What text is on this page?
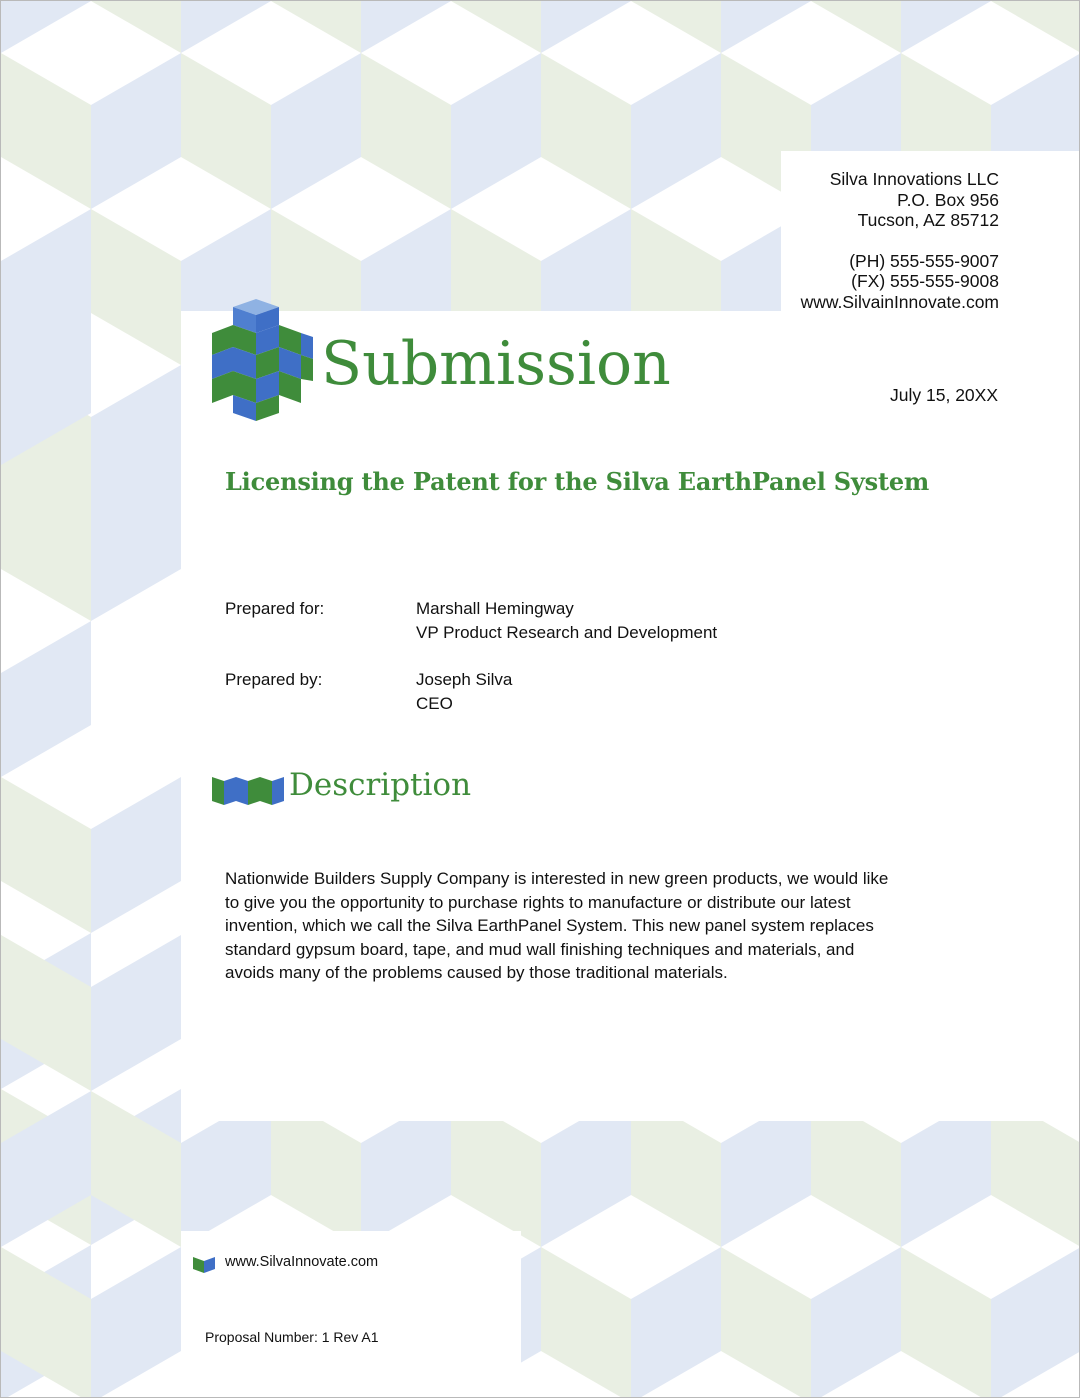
Silva Innovations LLC
P.O. Box 956
Tucson, AZ 85712
(PH) 555-555-9007
(FX) 555-555-9008
www.SilvainInnovate.com
Submission	July 15, 20XX
Licensing the Patent for the Silva EarthPanel System
Prepared for:	Marshall Hemingway
VP Product Research and Development
Prepared by:	Joseph Silva
CEO
Description
Nationwide Builders Supply Company is interested in new green products, we would like to give you the opportunity to purchase rights to manufacture or distribute our latest invention, which we call the Silva EarthPanel System. This new panel system replaces standard gypsum board, tape, and mud wall finishing techniques and materials, and avoids many of the problems caused by those traditional materials.
www.SilvaInnovate.com
Proposal Number: 1 Rev A1
